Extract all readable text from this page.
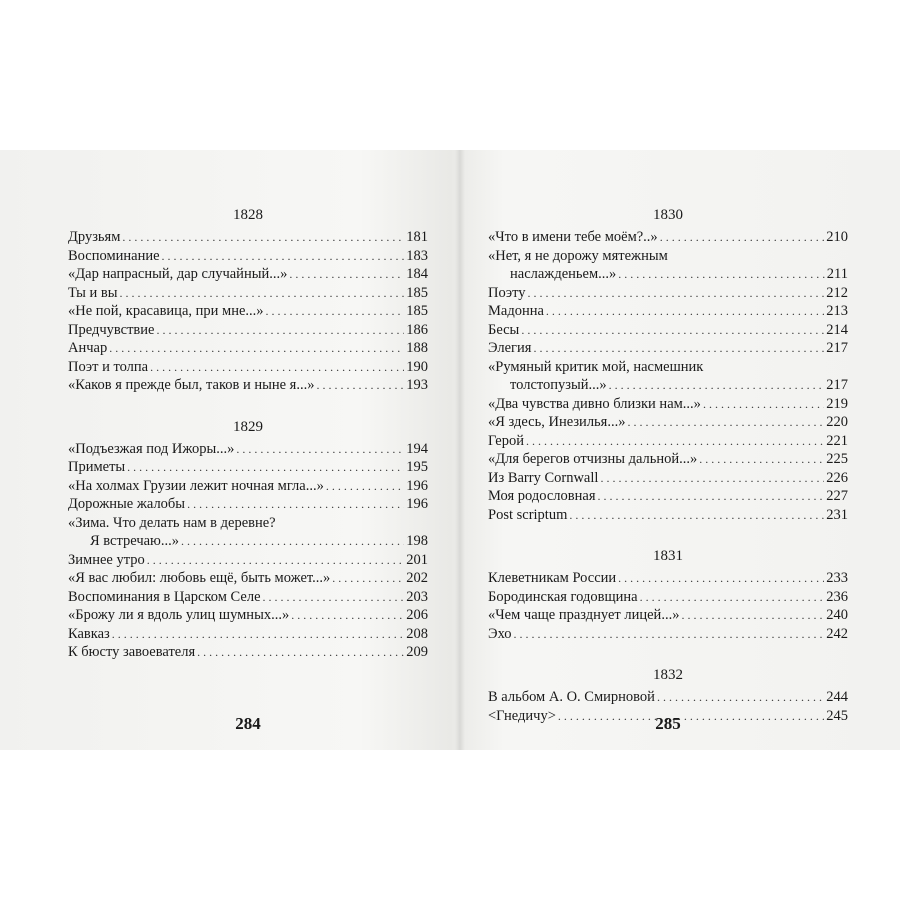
1828
Друзьям .....	181
Воспоминание .....	183
«Дар напрасный, дар случайный...» .....	184
Ты и вы .....	185
«Не пой, красавица, при мне...» .....	185
Предчувствие .....	186
Анчар .....	188
Поэт и толпа .....	190
«Каков я прежде был, таков и ныне я...» .....	193
1829
«Подъезжая под Ижоры...» .....	194
Приметы .....	195
«На холмах Грузии лежит ночная мгла...» .....	196
Дорожные жалобы .....	196
«Зима. Что делать нам в деревне?
Я встречаю...» .....	198
Зимнее утро .....	201
«Я вас любил: любовь ещё, быть может...» .....	202
Воспоминания в Царском Селе .....	203
«Брожу ли я вдоль улиц шумных...» .....	206
Кавказ .....	208
К бюсту завоевателя .....	209
1830
«Что в имени тебе моём?..» .....	210
«Нет, я не дорожу мятежным
наслажденьем...» .....	211
Поэту .....	212
Мадонна .....	213
Бесы .....	214
Элегия .....	217
«Румяный критик мой, насмешник
толстопузый...» .....	217
«Два чувства дивно близки нам...» .....	219
«Я здесь, Инезилья...» .....	220
Герой .....	221
«Для берегов отчизны дальной...» .....	225
Из Barry Cornwall .....	226
Моя родословная .....	227
Post scriptum .....	231
1831
Клеветникам России .....	233
Бородинская годовщина .....	236
«Чем чаще празднует лицей...» .....	240
Эхо .....	242
1832
В альбом А. О. Смирновой .....	244
<Гнедичу> .....	245
284	285
